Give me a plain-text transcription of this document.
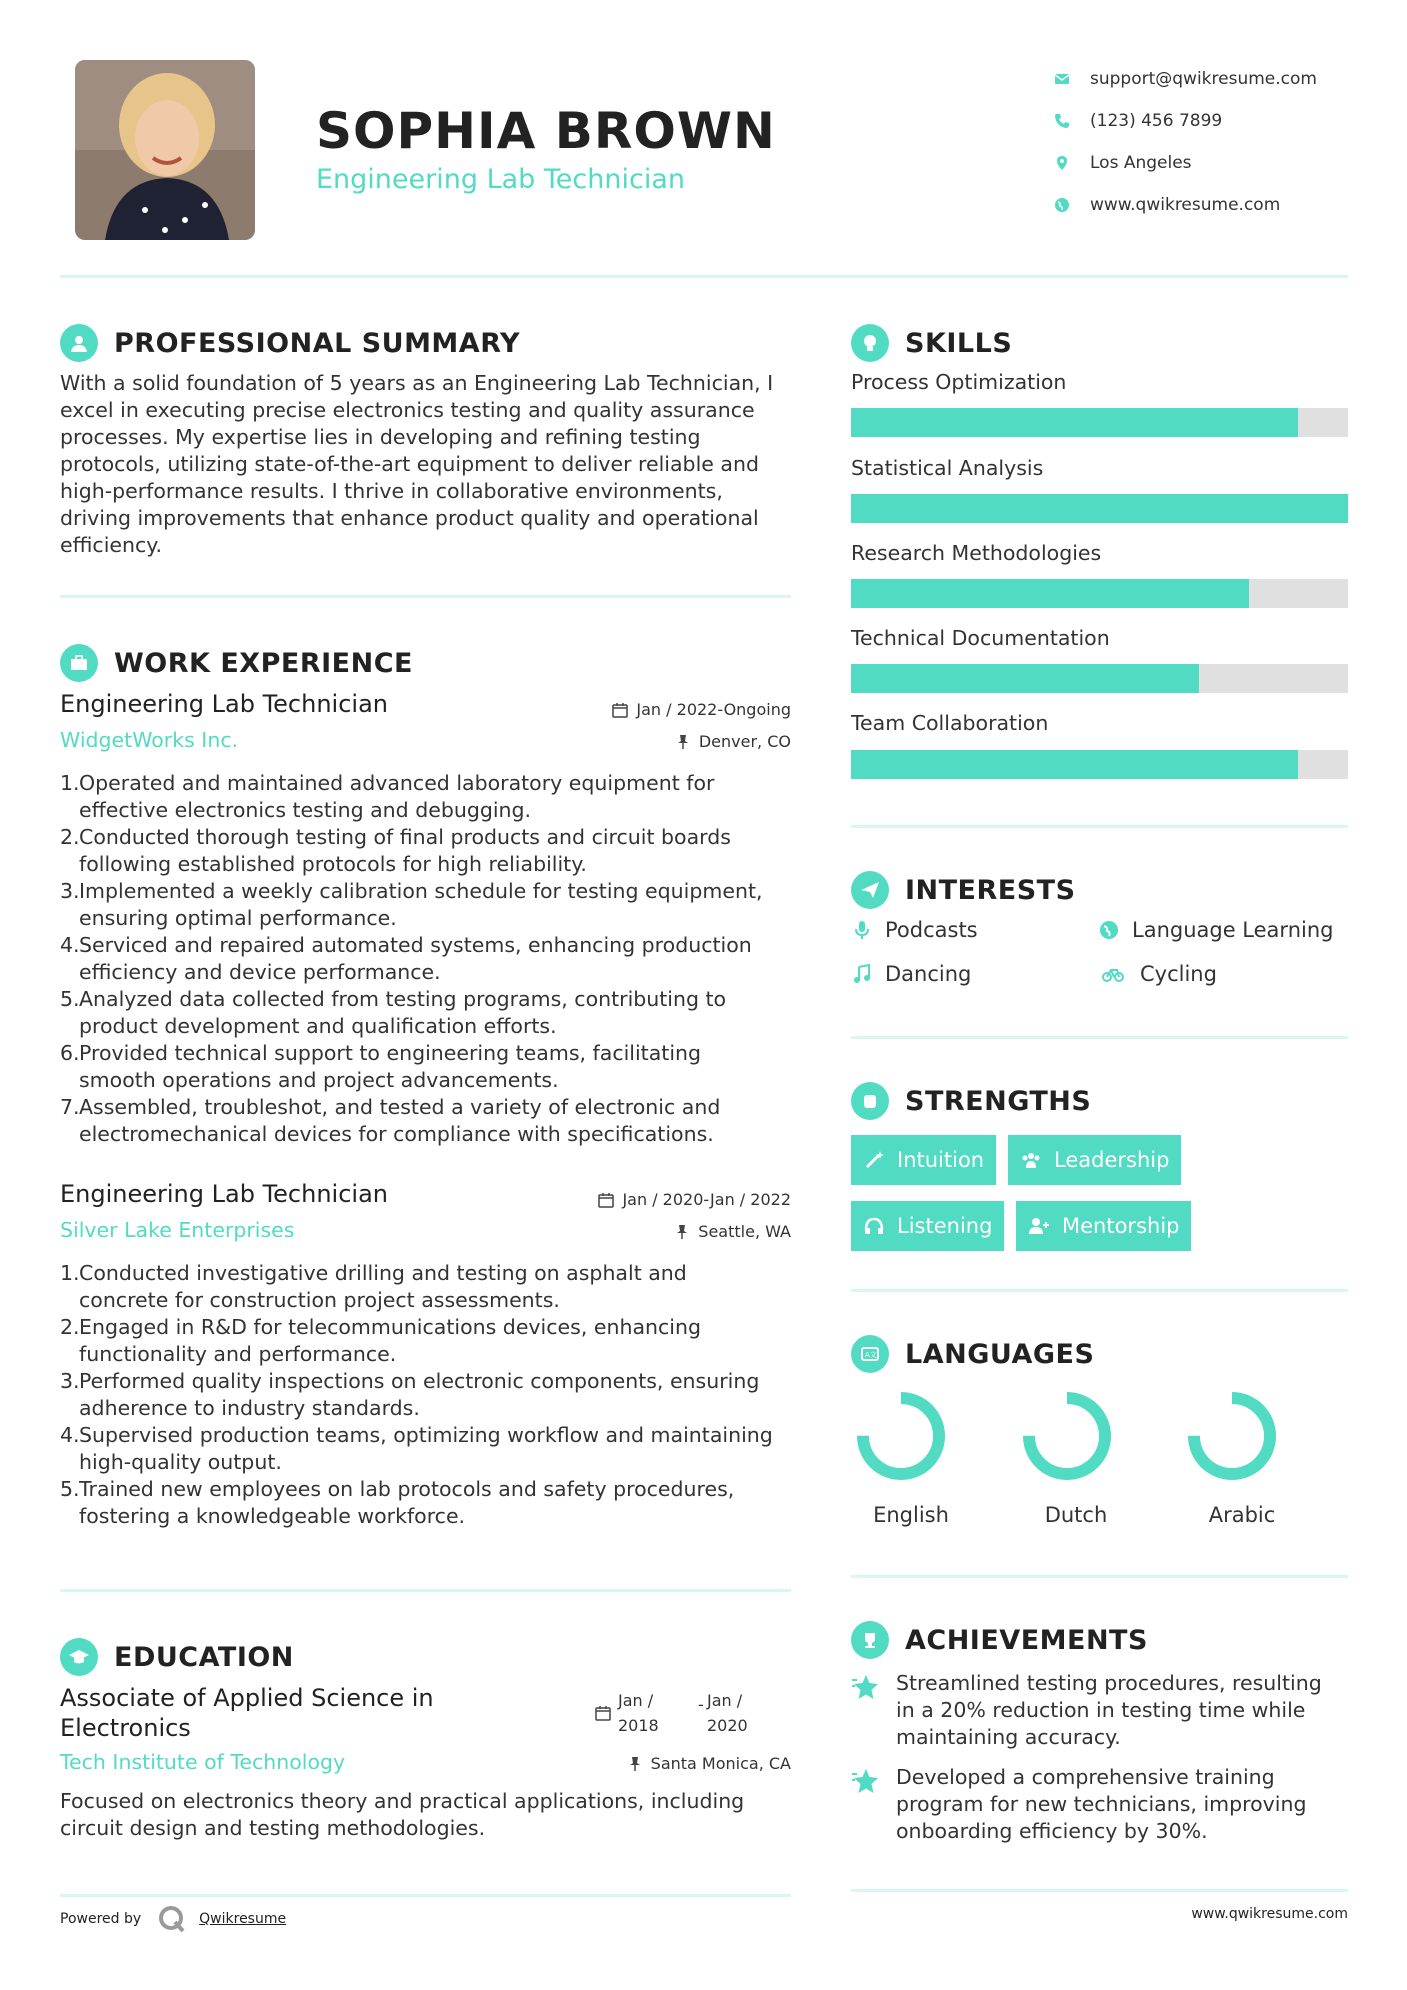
SOPHIA BROWN
Engineering Lab Technician
support@qwikresume.com
(123) 456 7899
Los Angeles
www.qwikresume.com
PROFESSIONAL SUMMARY
With a solid foundation of 5 years as an Engineering Lab Technician, I
excel in executing precise electronics testing and quality assurance
processes. My expertise lies in developing and refining testing
protocols, utilizing state-of-the-art equipment to deliver reliable and
high-performance results. I thrive in collaborative environments,
driving improvements that enhance product quality and operational
efficiency.
WORK EXPERIENCE
Engineering Lab Technician	Jan / 2022-Ongoing
WidgetWorks Inc.	Denver, CO
1. Operated and maintained advanced laboratory equipment for
effective electronics testing and debugging.
2. Conducted thorough testing of final products and circuit boards
following established protocols for high reliability.
3. Implemented a weekly calibration schedule for testing equipment,
ensuring optimal performance.
4. Serviced and repaired automated systems, enhancing production
efficiency and device performance.
5. Analyzed data collected from testing programs, contributing to
product development and qualification efforts.
6. Provided technical support to engineering teams, facilitating
smooth operations and project advancements.
7. Assembled, troubleshot, and tested a variety of electronic and
electromechanical devices for compliance with specifications.
Engineering Lab Technician	Jan / 2020-Jan / 2022
Silver Lake Enterprises	Seattle, WA
1. Conducted investigative drilling and testing on asphalt and
concrete for construction project assessments.
2. Engaged in R&D for telecommunications devices, enhancing
functionality and performance.
3. Performed quality inspections on electronic components, ensuring
adherence to industry standards.
4. Supervised production teams, optimizing workflow and maintaining
high-quality output.
5. Trained new employees on lab protocols and safety procedures,
fostering a knowledgeable workforce.
EDUCATION
Associate of Applied Science in
Electronics
Jan /
2018
- Jan /
2020
Tech Institute of Technology	Santa Monica, CA
Focused on electronics theory and practical applications, including
circuit design and testing methodologies.
SKILLS
Process Optimization
Statistical Analysis
Research Methodologies
Technical Documentation
Team Collaboration
INTERESTS
Podcasts	Language Learning
Dancing	Cycling
STRENGTHS
Intuition	Leadership
Listening	Mentorship
A文 LANGUAGES
English	Dutch	Arabic
ACHIEVEMENTS
Streamlined testing procedures, resulting
in a 20% reduction in testing time while
maintaining accuracy.
Developed a comprehensive training
program for new technicians, improving
onboarding efficiency by 30%.
Powered by	Qwikresume	www.qwikresume.com
